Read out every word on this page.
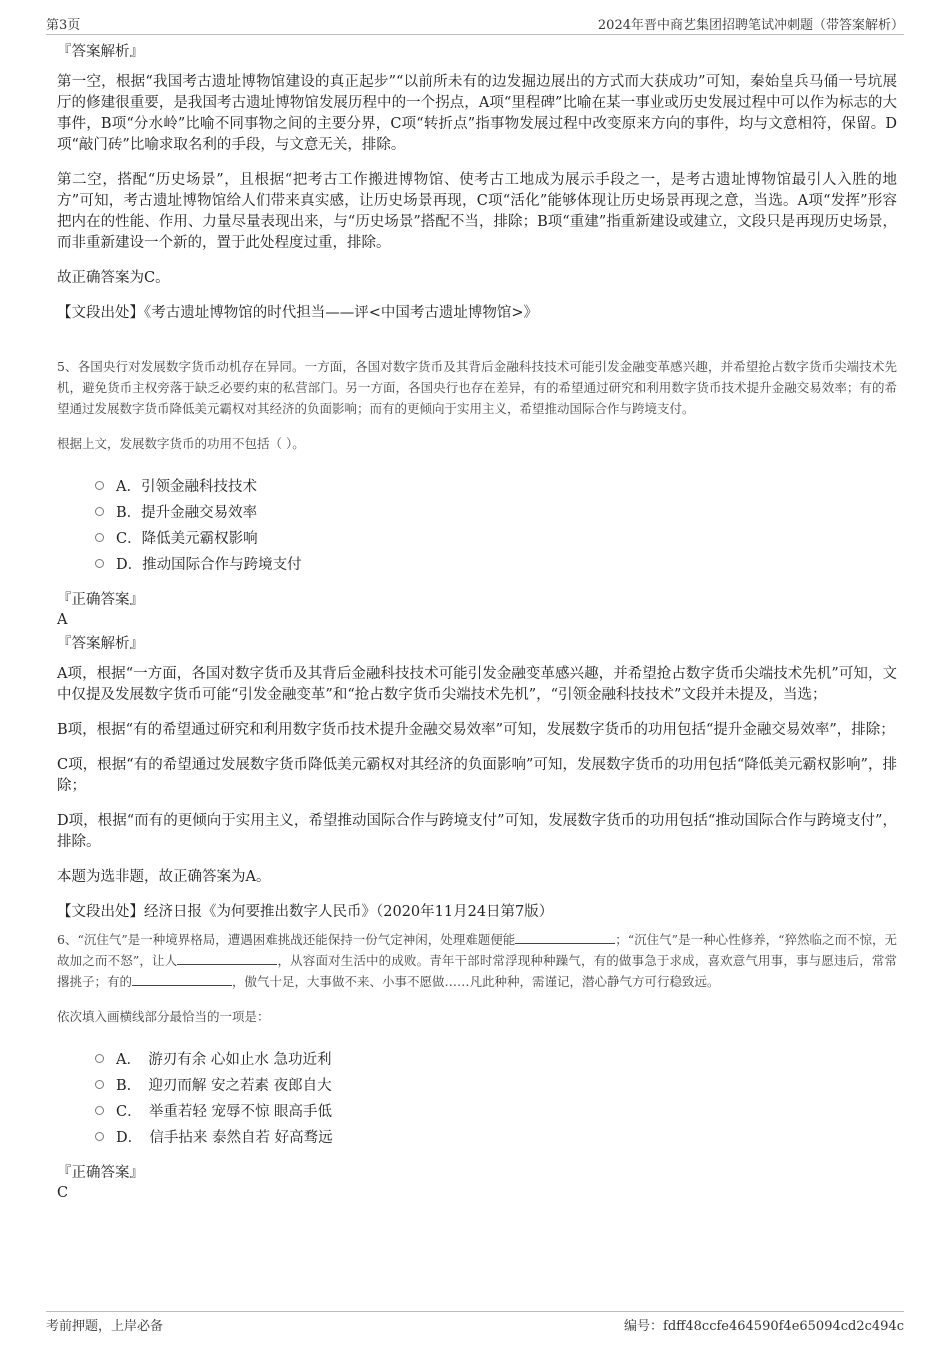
第3页	2024年晋中商艺集团招聘笔试冲刺题（带答案解析）

『答案解析』

第一空，根据“我国考古遗址博物馆建设的真正起步”“以前所未有的边发掘边展出的方式而大获成功”可知，秦始皇兵马俑一号坑展厅的修建很重要，是我国考古遗址博物馆发展历程中的一个拐点，A项“里程碑”比喻在某一事业或历史发展过程中可以作为标志的大事件，B项“分水岭”比喻不同事物之间的主要分界，C项“转折点”指事物发展过程中改变原来方向的事件，均与文意相符，保留。D项“敲门砖”比喻求取名利的手段，与文意无关，排除。

第二空，搭配“历史场景”，且根据“把考古工作搬进博物馆、使考古工地成为展示手段之一，是考古遗址博物馆最引人入胜的地方”可知，考古遗址博物馆给人们带来真实感，让历史场景再现，C项“活化”能够体现让历史场景再现之意，当选。A项“发挥”形容把内在的性能、作用、力量尽量表现出来，与“历史场景”搭配不当，排除；B项“重建”指重新建设或建立，文段只是再现历史场景，而非重新建设一个新的，置于此处程度过重，排除。

故正确答案为C。

【文段出处】《考古遗址博物馆的时代担当——评<中国考古遗址博物馆>》

5、各国央行对发展数字货币动机存在异同。一方面，各国对数字货币及其背后金融科技技术可能引发金融变革感兴趣，并希望抢占数字货币尖端技术先机，避免货币主权旁落于缺乏必要约束的私营部门。另一方面，各国央行也存在差异，有的希望通过研究和利用数字货币技术提升金融交易效率；有的希望通过发展数字货币降低美元霸权对其经济的负面影响；而有的更倾向于实用主义，希望推动国际合作与跨境支付。

根据上文，发展数字货币的功用不包括（ ）。

A．引领金融科技技术
B．提升金融交易效率
C．降低美元霸权影响
D．推动国际合作与跨境支付

『正确答案』

A

『答案解析』

A项，根据“一方面，各国对数字货币及其背后金融科技技术可能引发金融变革感兴趣，并希望抢占数字货币尖端技术先机”可知，文中仅提及发展数字货币可能“引发金融变革”和“抢占数字货币尖端技术先机”，“引领金融科技技术”文段并未提及，当选；

B项，根据“有的希望通过研究和利用数字货币技术提升金融交易效率”可知，发展数字货币的功用包括“提升金融交易效率”，排除；

C项，根据“有的希望通过发展数字货币降低美元霸权对其经济的负面影响”可知，发展数字货币的功用包括“降低美元霸权影响”，排除；

D项，根据“而有的更倾向于实用主义，希望推动国际合作与跨境支付”可知，发展数字货币的功用包括“推动国际合作与跨境支付”，排除。

本题为选非题，故正确答案为A。

【文段出处】经济日报《为何要推出数字人民币》（2020年11月24日第7版）

6、“沉住气”是一种境界格局，遭遇困难挑战还能保持一份气定神闲，处理难题便能	；“沉住气”是一种心性修养，“猝然临之而不惊，无故加之而不怒”，让人	，从容面对生活中的成败。青年干部时常浮现种种躁气，有的做事急于求成，喜欢意气用事，事与愿违后，常常撂挑子；有的	，傲气十足，大事做不来、小事不愿做……凡此种种，需谨记，潜心静气方可行稳致远。

依次填入画横线部分最恰当的一项是：

A．　游刃有余 心如止水 急功近利
B．　迎刃而解 安之若素 夜郎自大
C．　举重若轻 宠辱不惊 眼高手低
D．　信手拈来 泰然自若 好高骛远

『正确答案』

C

考前押题，上岸必备	编号：fdff48ccfe464590f4e65094cd2c494c
